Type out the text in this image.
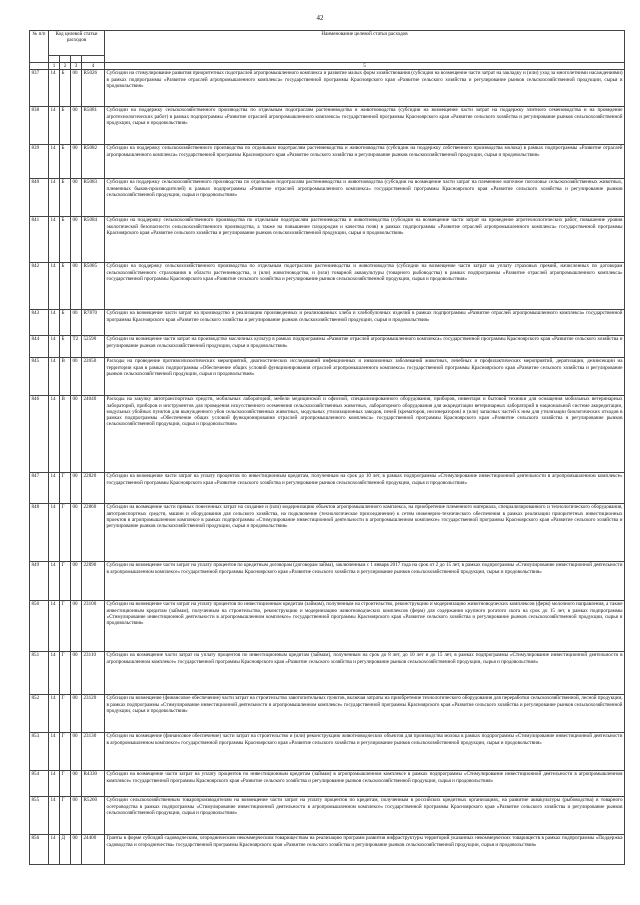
42
№ п/п	Код целевой статьи расходов				Наименование целевой статьи расходов

	1	2	3	4	5
837	14	Б	00	R5026	Субсидии на стимулирование развития приоритетных подотраслей агропромышленного комплекса и развитие малых форм хозяйствования (субсидии на возмещение части затрат на закладку и (или) уход за многолетними насаждениями) в рамках подпрограммы «Развитие отраслей агропромышленного комплекса» государственной программы Красноярского края «Развитие сельского хозяйства и регулирование рынков сельскохозяйственной продукции, сырья и продовольствия»
838	14	Б	00	R5081	Субсидии на поддержку сельскохозяйственного производства по отдельным подотраслям растениеводства и животноводства (субсидии на возмещение части затрат на поддержку элитного семеноводства и на проведение агротехнологических работ) в рамках подпрограммы «Развитие отраслей агропромышленного комплекса» государственной программы Красноярского края «Развитие сельского хозяйства и регулирование рынков сельскохозяйственной продукции, сырья и продовольствия»
839	14	Б	00	R5082	Субсидии на поддержку сельскохозяйственного производства по отдельным подотраслям растениеводства и животноводства (субсидии на поддержку собственного производства молока) в рамках подпрограммы «Развитие отраслей агропромышленного комплекса» государственной программы Красноярского края «Развитие сельского хозяйства и регулирование рынков сельскохозяйственной продукции, сырья и продовольствия»
840	14	Б	00	R5083	Субсидии на поддержку сельскохозяйственного производства по отдельным подотраслям растениеводства и животноводства (субсидии на возмещение части затрат на племенное маточное поголовье сельскохозяйственных животных, племенных быков-производителей) в рамках подпрограммы «Развитие отраслей агропромышленного комплекса» государственной программы Красноярского края «Развитие сельского хозяйства и регулирование рынков сельскохозяйственной продукции, сырья и продовольствия»
841	14	Б	00	R5084	Субсидии на поддержку сельскохозяйственного производства по отдельным подотраслям растениеводства и животноводства (субсидии на возмещение части затрат на проведение агротехнологических работ, повышение уровня экологической безопасности сельскохозяйственного производства, а также на повышение плодородия и качества почв) в рамках подпрограммы «Развитие отраслей агропромышленного комплекса» государственной программы Красноярского края «Развитие сельского хозяйства и регулирование рынков сельскохозяйственной продукции, сырья и продовольствия»
842	14	Б	00	R5085	Субсидии на поддержку сельскохозяйственного производства по отдельным подотраслям растениеводства и животноводства (субсидии на возмещение части затрат на уплату страховых премий, начисленных по договорам сельскохозяйственного страхования в области растениеводства, и (или) животноводства, и (или) товарной аквакультуры (товарного рыбоводства) в рамках подпрограммы «Развитие отраслей агропромышленного комплекса» государственной программы Красноярского края «Развитие сельского хозяйства и регулирование рынков сельскохозяйственной продукции, сырья и продовольствия»
843	14	Б	00	R7870	Субсидии на возмещение части затрат на производство и реализацию произведенных и реализованных хлеба и хлебобулочных изделий в рамках подпрограммы «Развитие отраслей агропромышленного комплекса» государственной программы Красноярского края «Развитие сельского хозяйства и регулирование рынков сельскохозяйственной продукции, сырья и продовольствия»
844	14	Б	Т2	52590	Субсидии на возмещение части затрат на производство масличных культур в рамках подпрограммы «Развитие отраслей агропромышленного комплекса» государственной программы Красноярского края «Развитие сельского хозяйства и регулирование рынков сельскохозяйственной продукции, сырья и продовольствия»
845	14	В	00	22050	Расходы на проведение противоэпизоотических мероприятий, диагностических исследований инфекционных и инвазионных заболеваний животных, лечебных и профилактических мероприятий, дератизации, дезинсекции на территории края в рамках подпрограммы «Обеспечение общих условий функционирования отраслей агропромышленного комплекса» государственной программы Красноярского края «Развитие сельского хозяйства и регулирование рынков сельскохозяйственной продукции, сырья и продовольствия»
846	14	В	00	24040	Расходы на закупку автотранспортных средств, мобильных лабораторий, мебели медицинской и офисной, специализированного оборудования, приборов, инвентаря и бытовой техники для оснащения мобильных ветеринарных лабораторий, приборов и инструментов для проведения искусственного осеменения сельскохозяйственных животных, лабораторного оборудования для аккредитации ветеринарных лабораторий в национальной системе аккредитации, модульных убойных пунктов для вынужденного убоя сельскохозяйственных животных, модульных утилизационных заводов, печей (крематоров, инсинераторов) и (или) запасных частей к ним для утилизации биологических отходов в рамках подпрограммы «Обеспечение общих условий функционирования отраслей агропромышленного комплекса» государственной программы Красноярского края «Развитие сельского хозяйства и регулирование рынков сельскохозяйственной продукции, сырья и продовольствия»
847	14	Г	00	22820	Субсидии на возмещение части затрат на уплату процентов по инвестиционным кредитам, полученным на срок до 10 лет, в рамках подпрограммы «Стимулирование инвестиционной деятельности в агропромышленном комплексе» государственной программы Красноярского края «Развитие сельского хозяйства и регулирование рынков сельскохозяйственной продукции, сырья и продовольствия»
848	14	Г	00	22860	Субсидии на возмещение части прямых понесенных затрат на создание и (или) модернизацию объектов агропромышленного комплекса, на приобретение племенного материала, специализированного и технологического оборудования, автотранспортных средств, машин и оборудования для сельского хозяйства, на подключение (технологическое присоединение) к сетям инженерно-технического обеспечения в рамках реализации приоритетных инвестиционных проектов в агропромышленном комплексе в рамках подпрограммы «Стимулирование инвестиционной деятельности в агропромышленном комплексе» государственной программы Красноярского края «Развитие сельского хозяйства и регулирование рынков сельскохозяйственной продукции, сырья и продовольствия»
849	14	Г	00	22890	Субсидии на возмещение части затрат на уплату процентов по кредитным договорам (договорам займа), заключенным с 1 января 2017 года на срок от 2 до 15 лет, в рамках подпрограммы «Стимулирование инвестиционной деятельности в агропромышленном комплексе» государственной программы Красноярского края «Развитие сельского хозяйства и регулирование рынков сельскохозяйственной продукции, сырья и продовольствия»
850	14	Г	00	23100	Субсидии на возмещение части затрат на уплату процентов по инвестиционным кредитам (займам), полученным на строительство, реконструкцию и модернизацию животноводческих комплексов (ферм) молочного направления, а также инвестиционным кредитам (займам), полученным на строительство, реконструкцию и модернизацию животноводческих комплексов (ферм) для содержания крупного рогатого скота на срок до 15 лет, в рамках подпрограммы «Стимулирование инвестиционной деятельности в агропромышленном комплексе» государственной программы Красноярского края «Развитие сельского хозяйства и регулирование рынков сельскохозяйственной продукции, сырья и продовольствия»
851	14	Г	00	23110	Субсидии на возмещение части затрат на уплату процентов по инвестиционным кредитам (займам), полученным на срок до 8 лет, до 10 лет и до 15 лет, в рамках подпрограммы «Стимулирование инвестиционной деятельности в агропромышленном комплексе» государственной программы Красноярского края «Развитие сельского хозяйства и регулирование рынков сельскохозяйственной продукции, сырья и продовольствия»
852	14	Г	00	23120	Субсидии на возмещение (финансовое обеспечение) части затрат на строительство завотопительных пунктов, включая затраты на приобретение технологического оборудования для переработки сельскохозяйственной, лесной продукции, в рамках подпрограммы «Стимулирование инвестиционной деятельности в агропромышленном комплексе» государственной программы Красноярского края «Развитие сельского хозяйства и регулирование рынков сельскохозяйственной продукции, сырья и продовольствия»
853	14	Г	00	23130	Субсидии на возмещение (финансовое обеспечение) части затрат на строительство и (или) реконструкцию животноводческих объектов для производства молока в рамках подпрограммы «Стимулирование инвестиционной деятельности в агропромышленном комплексе» государственной программы Красноярского края «Развитие сельского хозяйства и регулирование рынков сельскохозяйственной продукции, сырья и продовольствия»
854	14	Г	00	R4330	Субсидии на возмещение части затрат на уплату процентов по инвестиционным кредитам (займам) в агропромышленном комплексе в рамках подпрограммы «Стимулирование инвестиционной деятельности в агропромышленном комплексе» государственной программы Красноярского края «Развитие сельского хозяйства и регулирование рынков сельскохозяйственной продукции, сырья и продовольствия»
855	14	Г	00	R5260	Субсидии сельскохозяйственным товаропроизводителям на возмещение части затрат на уплату процентов по кредитам, полученным в российских кредитных организациях, на развитие аквакультуры (рыбоводства) и товарного осетроводства в рамках подпрограммы «Стимулирование инвестиционной деятельности в агропромышленном комплексе» государственной программы Красноярского края «Развитие сельского хозяйства и регулирование рынков сельскохозяйственной продукции, сырья и продовольствия»
856	14	Д	00	24400	Гранты в форме субсидий садоводческим, огородническим некоммерческим товариществам на реализацию программ развития инфраструктуры территорий указанных некоммерческих товариществ в рамках подпрограммы «Поддержка садоводства и огородничества» государственной программы Красноярского края «Развитие сельского хозяйства и регулирование рынков сельскохозяйственной продукции, сырья и продовольствия»
